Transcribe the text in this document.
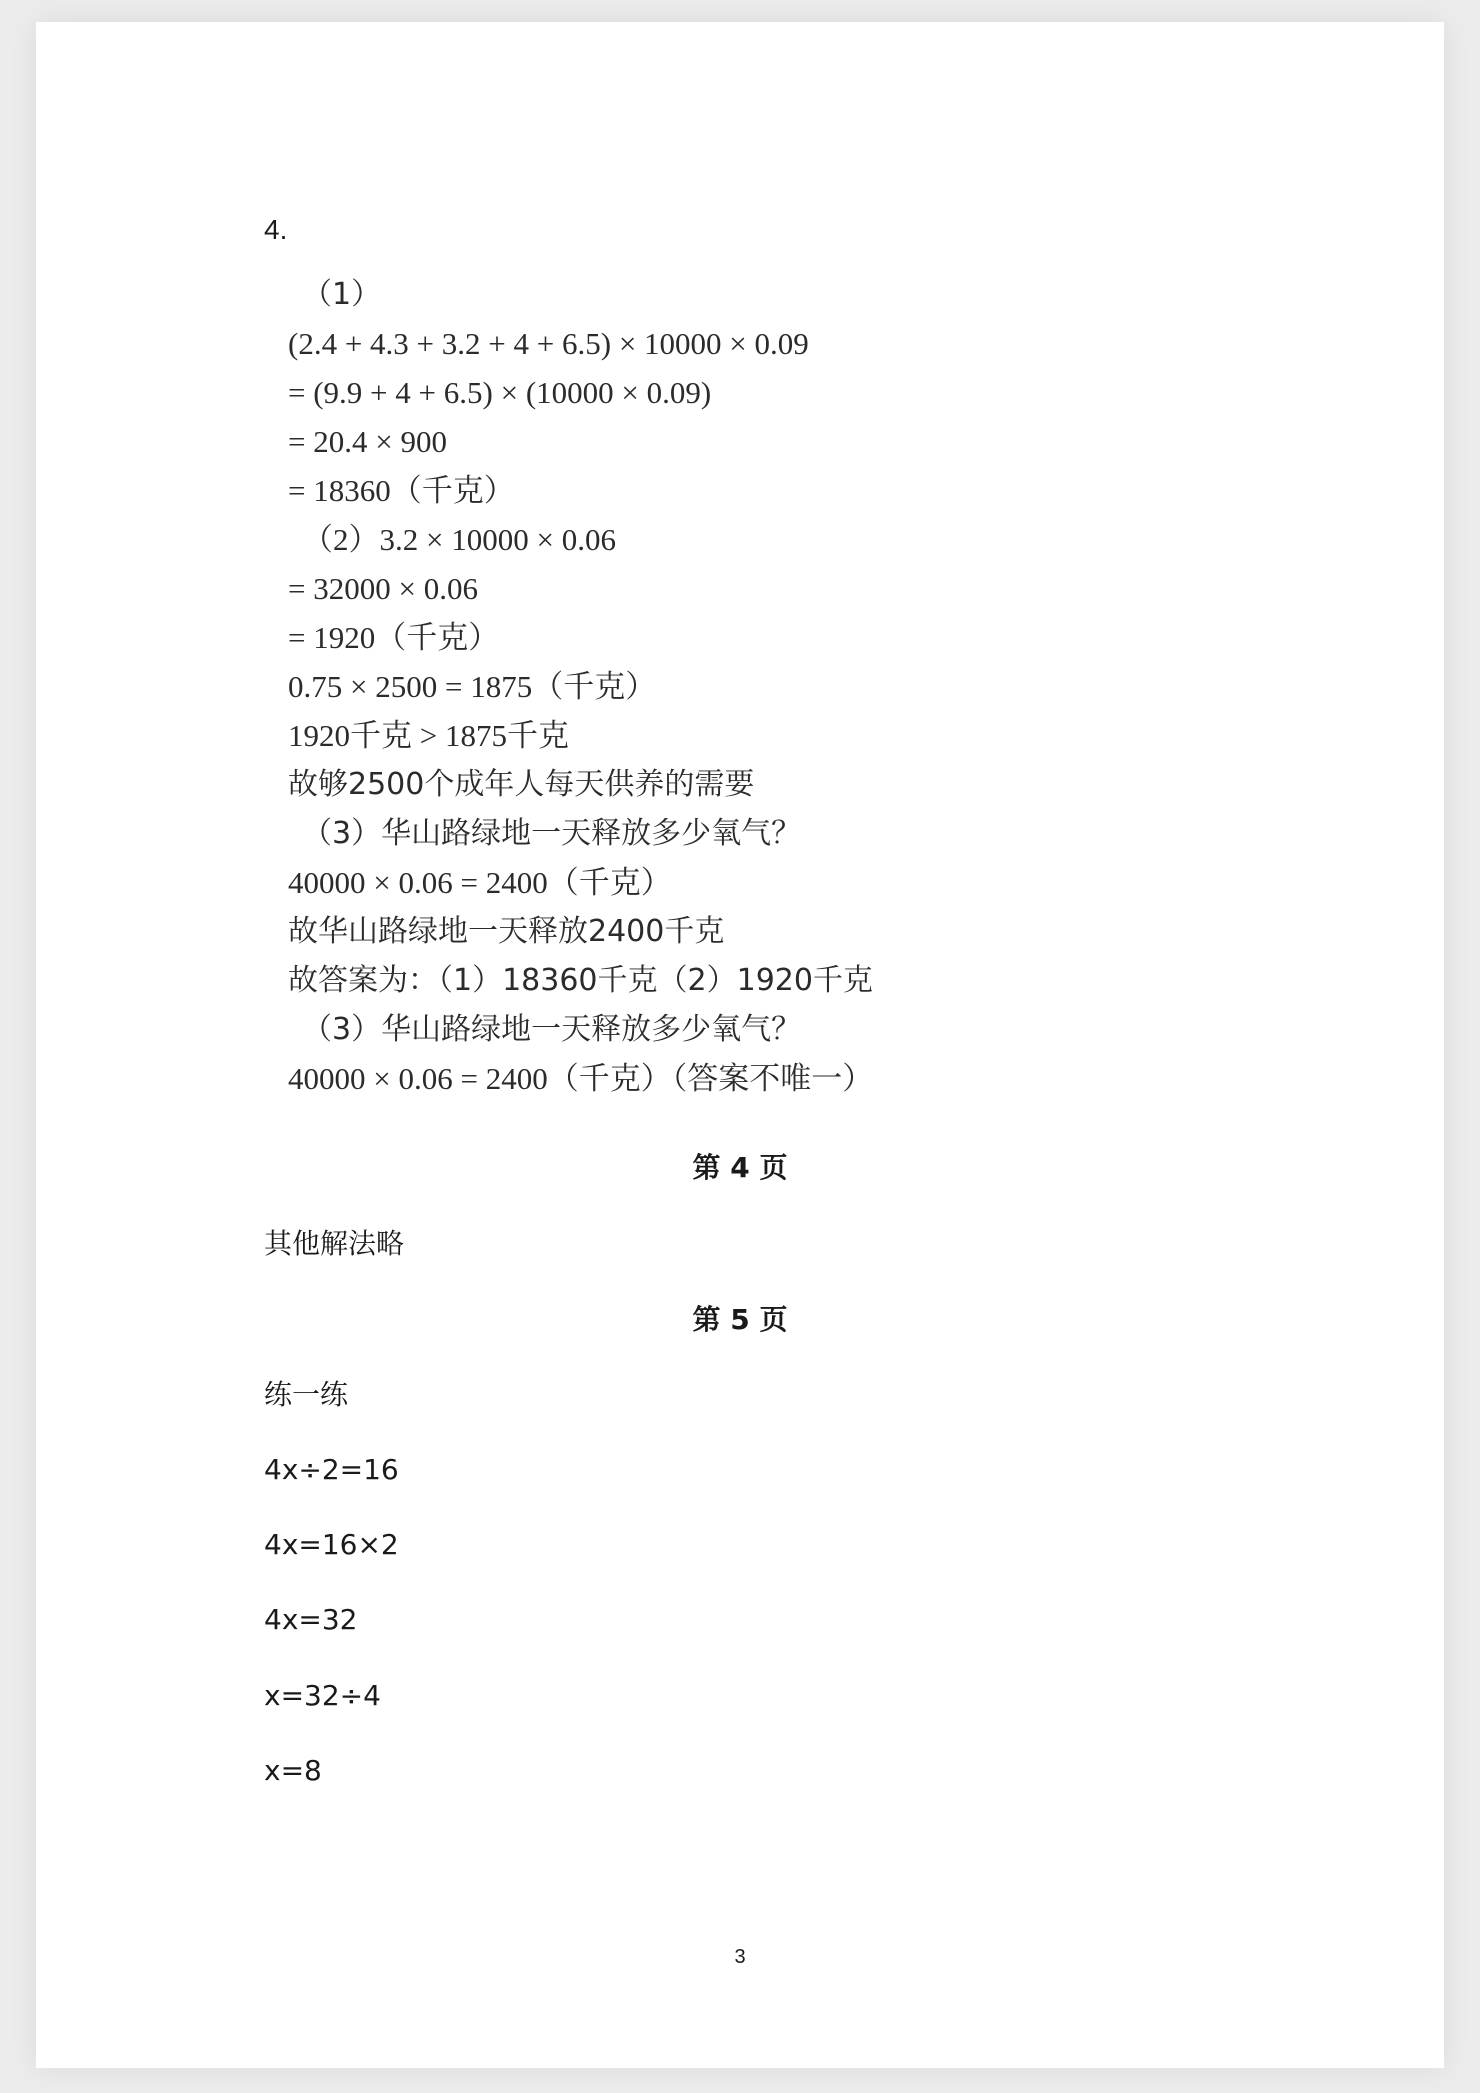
4.
（1）
(2.4 + 4.3 + 3.2 + 4 + 6.5) × 10000 × 0.09
= (9.9 + 4 + 6.5) × (10000 × 0.09)
= 20.4 × 900
= 18360（千克）
（2）3.2 × 10000 × 0.06
= 32000 × 0.06
= 1920（千克）
0.75 × 2500 = 1875（千克）
1920千克 > 1875千克
故够2500个成年人每天供养的需要
（3）华山路绿地一天释放多少氧气？
40000 × 0.06 = 2400（千克）
故华山路绿地一天释放2400千克
故答案为：（1）18360千克（2）1920千克
（3）华山路绿地一天释放多少氧气？
40000 × 0.06 = 2400（千克）（答案不唯一）
第 4 页
其他解法略
第 5 页
练一练
4x÷2=16
4x=16×2
4x=32
x=32÷4
x=8
3
